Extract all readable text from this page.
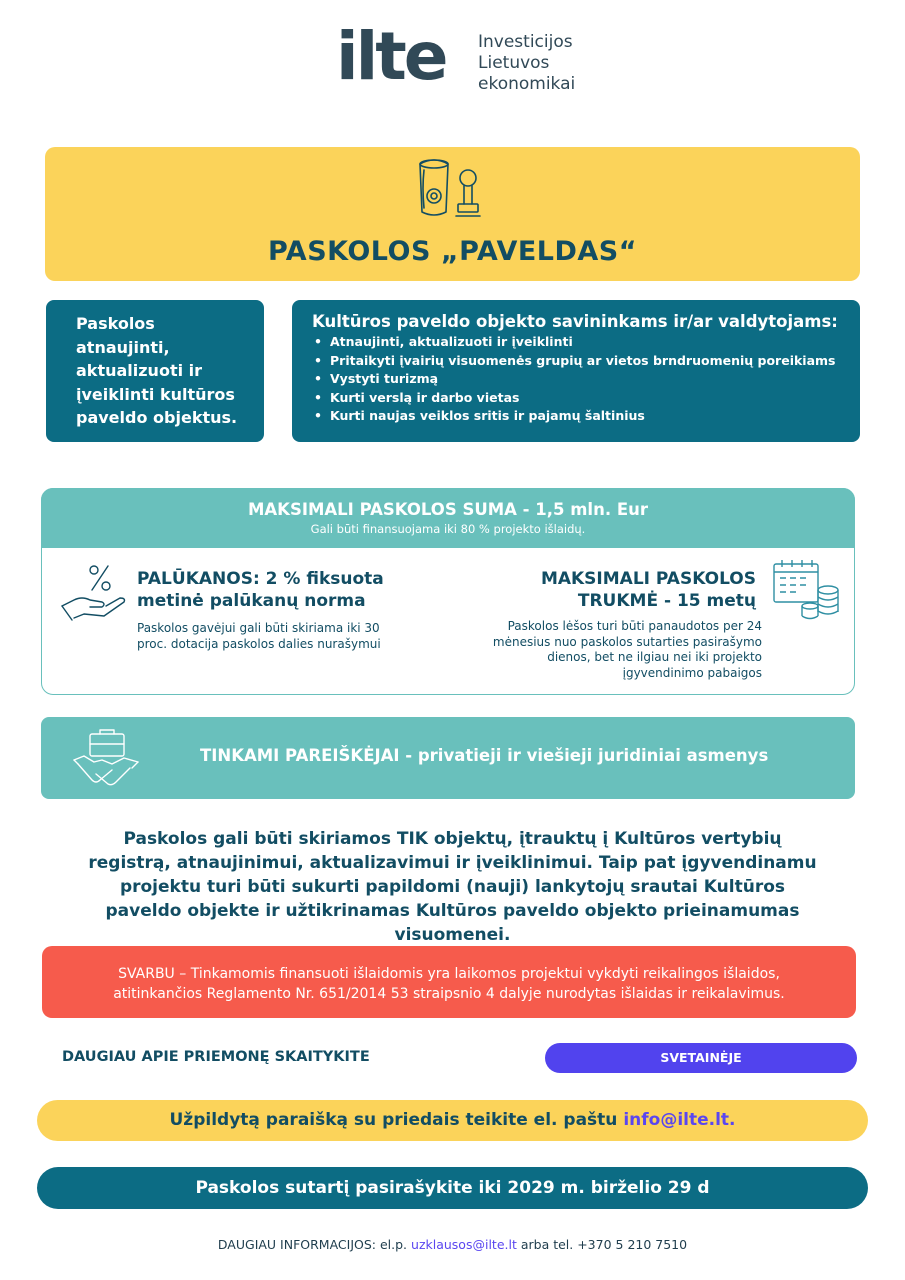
ilte Investicijos
Lietuvos
ekonomikai
PASKOLOS „PAVELDAS“

Paskolos atnaujinti, aktualizuoti ir įveiklinti kultūros paveldo objektus.

Kultūros paveldo objekto savininkams ir/ar valdytojams:
• Atnaujinti, aktualizuoti ir įveiklinti
• Pritaikyti įvairių visuomenės grupių ar vietos brndruomenių poreikiams
• Vystyti turizmą
• Kurti verslą ir darbo vietas
• Kurti naujas veiklos sritis ir pajamų šaltinius
MAKSIMALI PASKOLOS SUMA - 1,5 mln. Eur
Gali būti finansuojama iki 80 % projekto išlaidų.
PALŪKANOS: 2 % fiksuota
metinė palūkanų norma
Paskolos gavėjui gali būti skiriama iki 30 proc. dotacija paskolos dalies nurašymui
MAKSIMALI PASKOLOS
TRUKMĖ - 15 metų
Paskolos lėšos turi būti panaudotos per 24 mėnesius nuo paskolos sutarties pasirašymo dienos, bet ne ilgiau nei iki projekto įgyvendinimo pabaigos
TINKAMI PAREIŠKĖJAI - privatieji ir viešieji juridiniai asmenys
Paskolos gali būti skiriamos TIK objektų, įtrauktų į Kultūros vertybių registrą, atnaujinimui, aktualizavimui ir įveiklinimui. Taip pat įgyvendinamu projektu turi būti sukurti papildomi (nauji) lankytojų srautai Kultūros paveldo objekte ir užtikrinamas Kultūros paveldo objekto prieinamumas visuomenei.
SVARBU – Tinkamomis finansuoti išlaidomis yra laikomos projektui vykdyti reikalingos išlaidos,
atitinkančios Reglamento Nr. 651/2014 53 straipsnio 4 dalyje nurodytas išlaidas ir reikalavimus.
DAUGIAU APIE PRIEMONĘ SKAITYKITE	SVETAINĖJE
Užpildytą paraišką su priedais teikite el. paštu info@ilte.lt.
Paskolos sutartį pasirašykite iki 2029 m. birželio 29 d
DAUGIAU INFORMACIJOS: el.p. uzklausos@ilte.lt arba tel. +370 5 210 7510
